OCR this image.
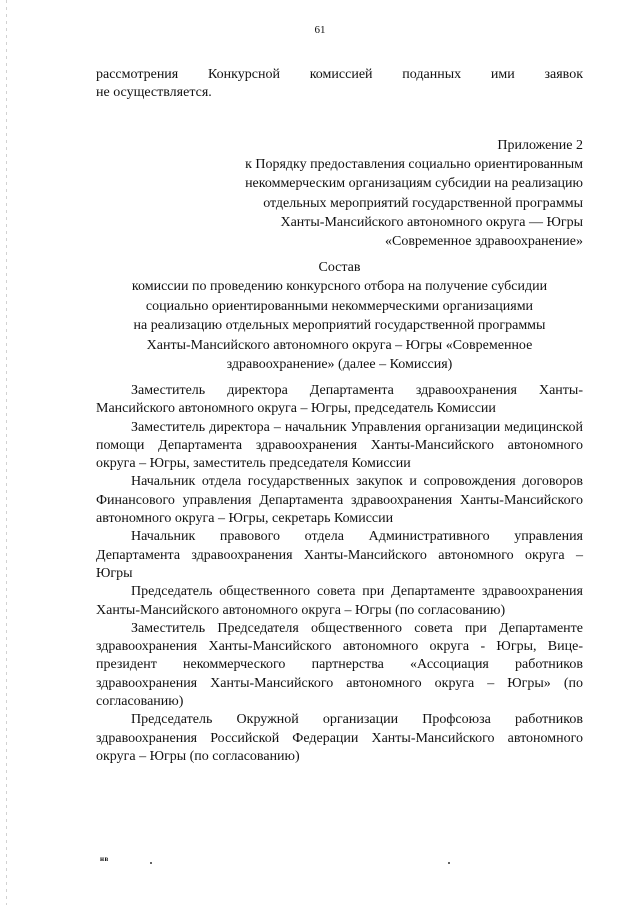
61
рассмотрения Конкурсной комиссией поданных ими заявок
не осуществляется.
Приложение 2
к Порядку предоставления социально ориентированным
некоммерческим организациям субсидии на реализацию
отдельных мероприятий государственной программы
Ханты-Мансийского автономного округа — Югры
«Современное здравоохранение»
Состав
комиссии по проведению конкурсного отбора на получение субсидии
социально ориентированными некоммерческими организациями
на реализацию отдельных мероприятий государственной программы
Ханты-Мансийского автономного округа – Югры «Современное
здравоохранение» (далее – Комиссия)

Заместитель директора Департамента здравоохранения Ханты-Мансийского автономного округа – Югры, председатель Комиссии

Заместитель директора – начальник Управления организации медицинской помощи Департамента здравоохранения Ханты-Мансийского автономного округа – Югры, заместитель председателя Комиссии

Начальник отдела государственных закупок и сопровождения договоров Финансового управления Департамента здравоохранения Ханты-Мансийского автономного округа – Югры, секретарь Комиссии

Начальник правового отдела Административного управления Департамента здравоохранения Ханты-Мансийского автономного округа – Югры

Председатель общественного совета при Департаменте здравоохранения Ханты-Мансийского автономного округа – Югры (по согласованию)

Заместитель Председателя общественного совета при Департаменте здравоохранения Ханты-Мансийского автономного округа - Югры, Вице-президент некоммерческого партнерства «Ассоциация работников здравоохранения Ханты-Мансийского автономного округа – Югры» (по согласованию)

Председатель Окружной организации Профсоюза работников здравоохранения Российской Федерации Ханты-Мансийского автономного округа – Югры (по согласованию)

нв
